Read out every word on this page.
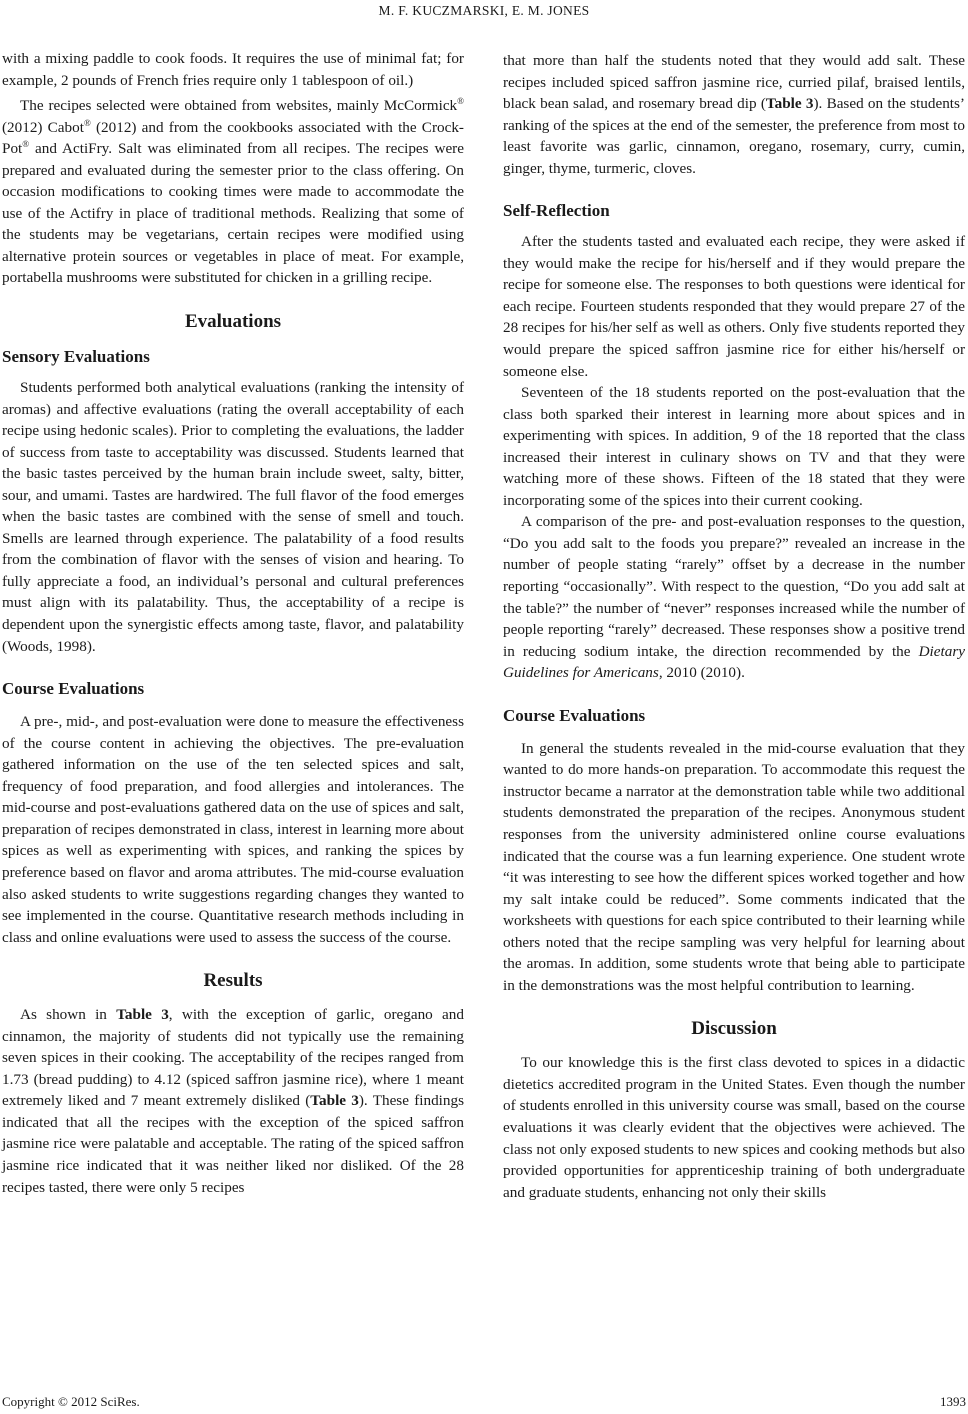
M. F. KUCZMARSKI, E. M. JONES

with a mixing paddle to cook foods. It requires the use of minimal fat; for example, 2 pounds of French fries require only 1 tablespoon of oil.)

The recipes selected were obtained from websites, mainly McCormick® (2012) Cabot® (2012) and from the cookbooks associated with the Crock-Pot® and ActiFry. Salt was eliminated from all recipes. The recipes were prepared and evaluated during the semester prior to the class offering. On occasion modifications to cooking times were made to accommodate the use of the Actifry in place of traditional methods. Realizing that some of the students may be vegetarians, certain recipes were modified using alternative protein sources or vegetables in place of meat. For example, portabella mushrooms were substituted for chicken in a grilling recipe.

Evaluations
Sensory Evaluations

Students performed both analytical evaluations (ranking the intensity of aromas) and affective evaluations (rating the overall acceptability of each recipe using hedonic scales). Prior to completing the evaluations, the ladder of success from taste to acceptability was discussed. Students learned that the basic tastes perceived by the human brain include sweet, salty, bitter, sour, and umami. Tastes are hardwired. The full flavor of the food emerges when the basic tastes are combined with the sense of smell and touch. Smells are learned through experience. The palatability of a food results from the combination of flavor with the senses of vision and hearing. To fully appreciate a food, an individual’s personal and cultural preferences must align with its palatability. Thus, the acceptability of a recipe is dependent upon the synergistic effects among taste, flavor, and palatability (Woods, 1998).

Course Evaluations

A pre-, mid-, and post-evaluation were done to measure the effectiveness of the course content in achieving the objectives. The pre-evaluation gathered information on the use of the ten selected spices and salt, frequency of food preparation, and food allergies and intolerances. The mid-course and post-evaluations gathered data on the use of spices and salt, preparation of recipes demonstrated in class, interest in learning more about spices as well as experimenting with spices, and ranking the spices by preference based on flavor and aroma attributes. The mid-course evaluation also asked students to write suggestions regarding changes they wanted to see implemented in the course. Quantitative research methods including in class and online evaluations were used to assess the success of the course.

Results

As shown in Table 3, with the exception of garlic, oregano and cinnamon, the majority of students did not typically use the remaining seven spices in their cooking. The acceptability of the recipes ranged from 1.73 (bread pudding) to 4.12 (spiced saffron jasmine rice), where 1 meant extremely liked and 7 meant extremely disliked (Table 3). These findings indicated that all the recipes with the exception of the spiced saffron jasmine rice were palatable and acceptable. The rating of the spiced saffron jasmine rice indicated that it was neither liked nor disliked. Of the 28 recipes tasted, there were only 5 recipes

that more than half the students noted that they would add salt. These recipes included spiced saffron jasmine rice, curried pilaf, braised lentils, black bean salad, and rosemary bread dip (Table 3). Based on the students’ ranking of the spices at the end of the semester, the preference from most to least favorite was garlic, cinnamon, oregano, rosemary, curry, cumin, ginger, thyme, turmeric, cloves.

Self-Reflection

After the students tasted and evaluated each recipe, they were asked if they would make the recipe for his/herself and if they would prepare the recipe for someone else. The responses to both questions were identical for each recipe. Fourteen students responded that they would prepare 27 of the 28 recipes for his/her self as well as others. Only five students reported they would prepare the spiced saffron jasmine rice for either his/herself or someone else.

Seventeen of the 18 students reported on the post-evaluation that the class both sparked their interest in learning more about spices and in experimenting with spices. In addition, 9 of the 18 reported that the class increased their interest in culinary shows on TV and that they were watching more of these shows. Fifteen of the 18 stated that they were incorporating some of the spices into their current cooking.

A comparison of the pre- and post-evaluation responses to the question, “Do you add salt to the foods you prepare?” revealed an increase in the number of people stating “rarely” offset by a decrease in the number reporting “occasionally”. With respect to the question, “Do you add salt at the table?” the number of “never” responses increased while the number of people reporting “rarely” decreased. These responses show a positive trend in reducing sodium intake, the direction recommended by the Dietary Guidelines for Americans, 2010 (2010).

Course Evaluations

In general the students revealed in the mid-course evaluation that they wanted to do more hands-on preparation. To accommodate this request the instructor became a narrator at the demonstration table while two additional students demonstrated the preparation of the recipes. Anonymous student responses from the university administered online course evaluations indicated that the course was a fun learning experience. One student wrote “it was interesting to see how the different spices worked together and how my salt intake could be reduced”. Some comments indicated that the worksheets with questions for each spice contributed to their learning while others noted that the recipe sampling was very helpful for learning about the aromas. In addition, some students wrote that being able to participate in the demonstrations was the most helpful contribution to learning.

Discussion

To our knowledge this is the first class devoted to spices in a didactic dietetics accredited program in the United States. Even though the number of students enrolled in this university course was small, based on the course evaluations it was clearly evident that the objectives were achieved. The class not only exposed students to new spices and cooking methods but also provided opportunities for apprenticeship training of both undergraduate and graduate students, enhancing not only their skills

Copyright © 2012 SciRes.	1393
